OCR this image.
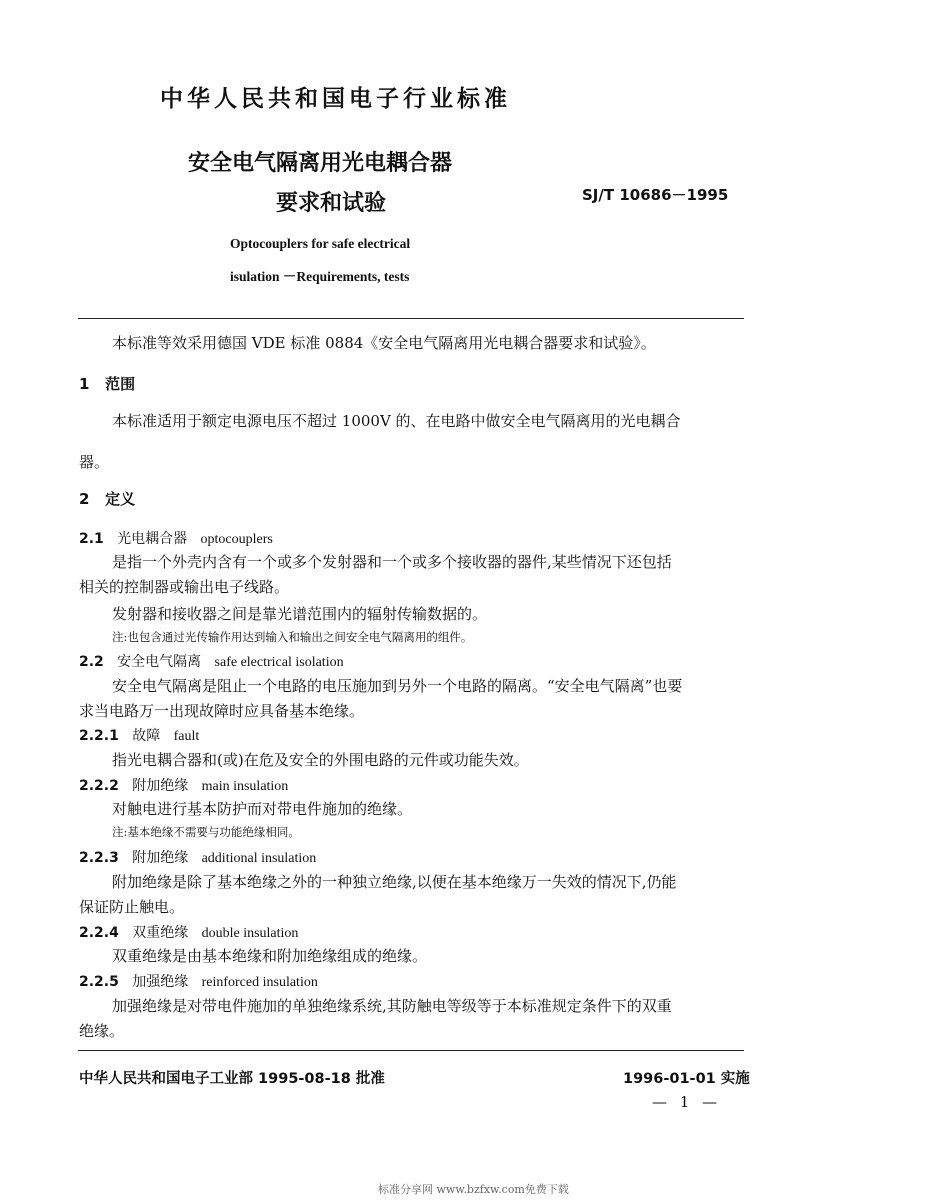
中华人民共和国电子行业标准
安全电气隔离用光电耦合器
要求和试验	SJ/T 10686－1995
Optocouplers for safe electrical
isulation －Requirements, tests
本标准等效采用德国 VDE 标准 0884《安全电气隔离用光电耦合器要求和试验》。
1 范围
本标准适用于额定电源电压不超过 1000V 的、在电路中做安全电气隔离用的光电耦合
器。
2 定义
2.1 光电耦合器 optocouplers
是指一个外壳内含有一个或多个发射器和一个或多个接收器的器件,某些情况下还包括
相关的控制器或输出电子线路。
发射器和接收器之间是靠光谱范围内的辐射传输数据的。
注:也包含通过光传输作用达到输入和输出之间安全电气隔离用的组件。
2.2 安全电气隔离 safe electrical isolation
安全电气隔离是阻止一个电路的电压施加到另外一个电路的隔离。“安全电气隔离”也要
求当电路万一出现故障时应具备基本绝缘。
2.2.1 故障 fault
指光电耦合器和(或)在危及安全的外围电路的元件或功能失效。
2.2.2 附加绝缘 main insulation
对触电进行基本防护而对带电件施加的绝缘。
注:基本绝缘不需要与功能绝缘相同。
2.2.3 附加绝缘 additional insulation
附加绝缘是除了基本绝缘之外的一种独立绝缘,以便在基本绝缘万一失效的情况下,仍能
保证防止触电。
2.2.4 双重绝缘 double insulation
双重绝缘是由基本绝缘和附加绝缘组成的绝缘。
2.2.5 加强绝缘 reinforced insulation
加强绝缘是对带电件施加的单独绝缘系统,其防触电等级等于本标准规定条件下的双重
绝缘。
中华人民共和国电子工业部 1995-08-18 批准	1996-01-01 实施
— 1 —
标准分享网 www.bzfxw.com免费下载
